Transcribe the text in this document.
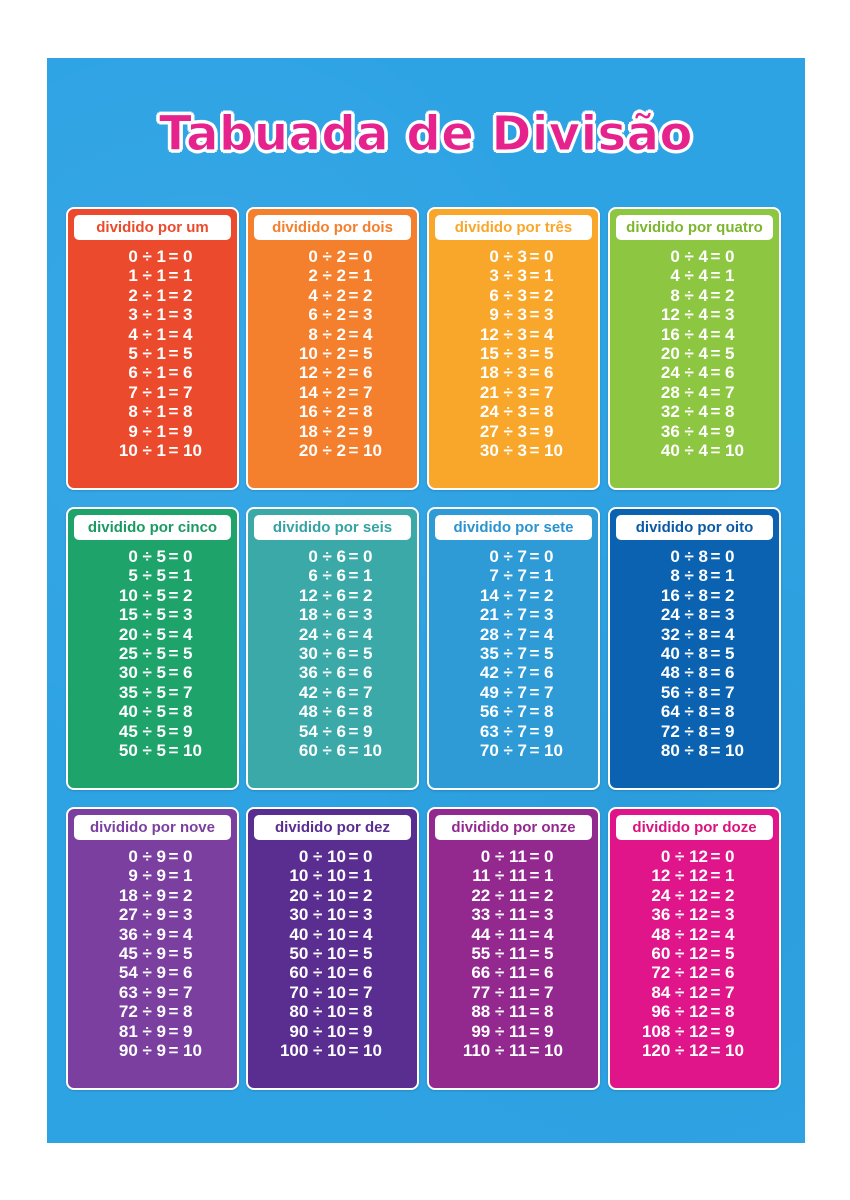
Tabuada de Divisão
dividido por um
0 ÷ 1 = 0
1 ÷ 1 = 1
2 ÷ 1 = 2
3 ÷ 1 = 3
4 ÷ 1 = 4
5 ÷ 1 = 5
6 ÷ 1 = 6
7 ÷ 1 = 7
8 ÷ 1 = 8
9 ÷ 1 = 9
10 ÷ 1 = 10
dividido por dois
0 ÷ 2 = 0
2 ÷ 2 = 1
4 ÷ 2 = 2
6 ÷ 2 = 3
8 ÷ 2 = 4
10 ÷ 2 = 5
12 ÷ 2 = 6
14 ÷ 2 = 7
16 ÷ 2 = 8
18 ÷ 2 = 9
20 ÷ 2 = 10
dividido por três
0 ÷ 3 = 0
3 ÷ 3 = 1
6 ÷ 3 = 2
9 ÷ 3 = 3
12 ÷ 3 = 4
15 ÷ 3 = 5
18 ÷ 3 = 6
21 ÷ 3 = 7
24 ÷ 3 = 8
27 ÷ 3 = 9
30 ÷ 3 = 10
dividido por quatro
0 ÷ 4 = 0
4 ÷ 4 = 1
8 ÷ 4 = 2
12 ÷ 4 = 3
16 ÷ 4 = 4
20 ÷ 4 = 5
24 ÷ 4 = 6
28 ÷ 4 = 7
32 ÷ 4 = 8
36 ÷ 4 = 9
40 ÷ 4 = 10
dividido por cinco
0 ÷ 5 = 0
5 ÷ 5 = 1
10 ÷ 5 = 2
15 ÷ 5 = 3
20 ÷ 5 = 4
25 ÷ 5 = 5
30 ÷ 5 = 6
35 ÷ 5 = 7
40 ÷ 5 = 8
45 ÷ 5 = 9
50 ÷ 5 = 10
dividido por seis
0 ÷ 6 = 0
6 ÷ 6 = 1
12 ÷ 6 = 2
18 ÷ 6 = 3
24 ÷ 6 = 4
30 ÷ 6 = 5
36 ÷ 6 = 6
42 ÷ 6 = 7
48 ÷ 6 = 8
54 ÷ 6 = 9
60 ÷ 6 = 10
dividido por sete
0 ÷ 7 = 0
7 ÷ 7 = 1
14 ÷ 7 = 2
21 ÷ 7 = 3
28 ÷ 7 = 4
35 ÷ 7 = 5
42 ÷ 7 = 6
49 ÷ 7 = 7
56 ÷ 7 = 8
63 ÷ 7 = 9
70 ÷ 7 = 10
dividido por oito
0 ÷ 8 = 0
8 ÷ 8 = 1
16 ÷ 8 = 2
24 ÷ 8 = 3
32 ÷ 8 = 4
40 ÷ 8 = 5
48 ÷ 8 = 6
56 ÷ 8 = 7
64 ÷ 8 = 8
72 ÷ 8 = 9
80 ÷ 8 = 10
dividido por nove
0 ÷ 9 = 0
9 ÷ 9 = 1
18 ÷ 9 = 2
27 ÷ 9 = 3
36 ÷ 9 = 4
45 ÷ 9 = 5
54 ÷ 9 = 6
63 ÷ 9 = 7
72 ÷ 9 = 8
81 ÷ 9 = 9
90 ÷ 9 = 10
dividido por dez
0 ÷ 10 = 0
10 ÷ 10 = 1
20 ÷ 10 = 2
30 ÷ 10 = 3
40 ÷ 10 = 4
50 ÷ 10 = 5
60 ÷ 10 = 6
70 ÷ 10 = 7
80 ÷ 10 = 8
90 ÷ 10 = 9
100 ÷ 10 = 10
dividido por onze
0 ÷ 11 = 0
11 ÷ 11 = 1
22 ÷ 11 = 2
33 ÷ 11 = 3
44 ÷ 11 = 4
55 ÷ 11 = 5
66 ÷ 11 = 6
77 ÷ 11 = 7
88 ÷ 11 = 8
99 ÷ 11 = 9
110 ÷ 11 = 10
dividido por doze
0 ÷ 12 = 0
12 ÷ 12 = 1
24 ÷ 12 = 2
36 ÷ 12 = 3
48 ÷ 12 = 4
60 ÷ 12 = 5
72 ÷ 12 = 6
84 ÷ 12 = 7
96 ÷ 12 = 8
108 ÷ 12 = 9
120 ÷ 12 = 10
